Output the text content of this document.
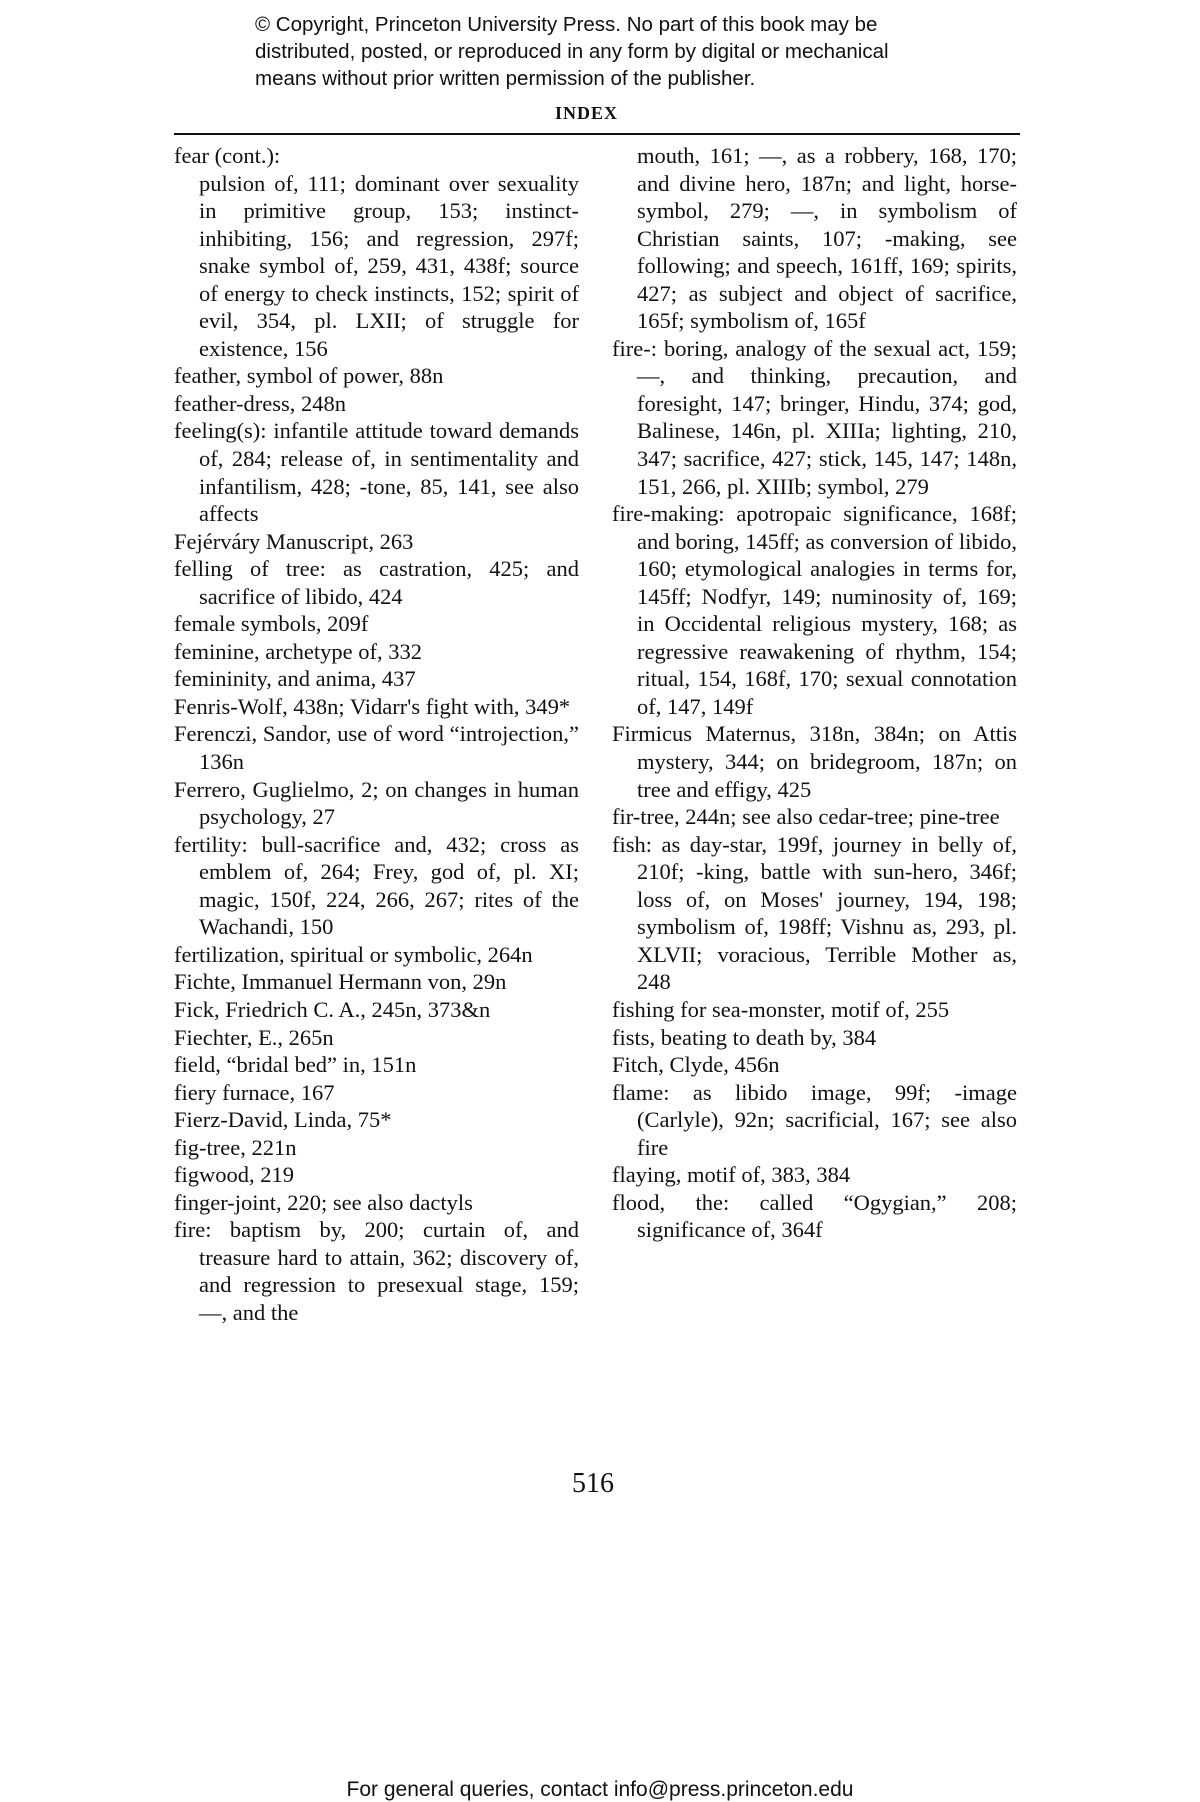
© Copyright, Princeton University Press. No part of this book may be
distributed, posted, or reproduced in any form by digital or mechanical
means without prior written permission of the publisher.
INDEX

fear (cont.):

pulsion of, 111; dominant over sexuality in primitive group, 153; instinct-inhibiting, 156; and regression, 297f; snake symbol of, 259, 431, 438f; source of energy to check instincts, 152; spirit of evil, 354, pl. LXII; of struggle for existence, 156

feather, symbol of power, 88n

feather-dress, 248n

feeling(s): infantile attitude toward demands of, 284; release of, in sentimentality and infantilism, 428; -tone, 85, 141, see also affects

Fejérváry Manuscript, 263

felling of tree: as castration, 425; and sacrifice of libido, 424

female symbols, 209f

feminine, archetype of, 332

femininity, and anima, 437

Fenris-Wolf, 438n; Vidarr's fight with, 349*

Ferenczi, Sandor, use of word “introjection,” 136n

Ferrero, Guglielmo, 2; on changes in human psychology, 27

fertility: bull-sacrifice and, 432; cross as emblem of, 264; Frey, god of, pl. XI; magic, 150f, 224, 266, 267; rites of the Wachandi, 150

fertilization, spiritual or symbolic, 264n

Fichte, Immanuel Hermann von, 29n

Fick, Friedrich C. A., 245n, 373&n

Fiechter, E., 265n

field, “bridal bed” in, 151n

fiery furnace, 167

Fierz-David, Linda, 75*

fig-tree, 221n

figwood, 219

finger-joint, 220; see also dactyls

fire: baptism by, 200; curtain of, and treasure hard to attain, 362; discovery of, and regression to presexual stage, 159; —, and the

mouth, 161; —, as a robbery, 168, 170; and divine hero, 187n; and light, horse-symbol, 279; —, in symbolism of Christian saints, 107; -making, see following; and speech, 161ff, 169; spirits, 427; as subject and object of sacrifice, 165f; symbolism of, 165f

fire-: boring, analogy of the sexual act, 159; —, and thinking, precaution, and foresight, 147; bringer, Hindu, 374; god, Balinese, 146n, pl. XIIIa; lighting, 210, 347; sacrifice, 427; stick, 145, 147; 148n, 151, 266, pl. XIIIb; symbol, 279

fire-making: apotropaic significance, 168f; and boring, 145ff; as conversion of libido, 160; etymological analogies in terms for, 145ff; Nodfyr, 149; numinosity of, 169; in Occidental religious mystery, 168; as regressive reawakening of rhythm, 154; ritual, 154, 168f, 170; sexual connotation of, 147, 149f

Firmicus Maternus, 318n, 384n; on Attis mystery, 344; on bridegroom, 187n; on tree and effigy, 425

fir-tree, 244n; see also cedar-tree; pine-tree

fish: as day-star, 199f, journey in belly of, 210f; -king, battle with sun-hero, 346f; loss of, on Moses' journey, 194, 198; symbolism of, 198ff; Vishnu as, 293, pl. XLVII; voracious, Terrible Mother as, 248

fishing for sea-monster, motif of, 255

fists, beating to death by, 384

Fitch, Clyde, 456n

flame: as libido image, 99f; -image (Carlyle), 92n; sacrificial, 167; see also fire

flaying, motif of, 383, 384

flood, the: called “Ogygian,” 208; significance of, 364f

516
For general queries, contact info@press.princeton.edu
